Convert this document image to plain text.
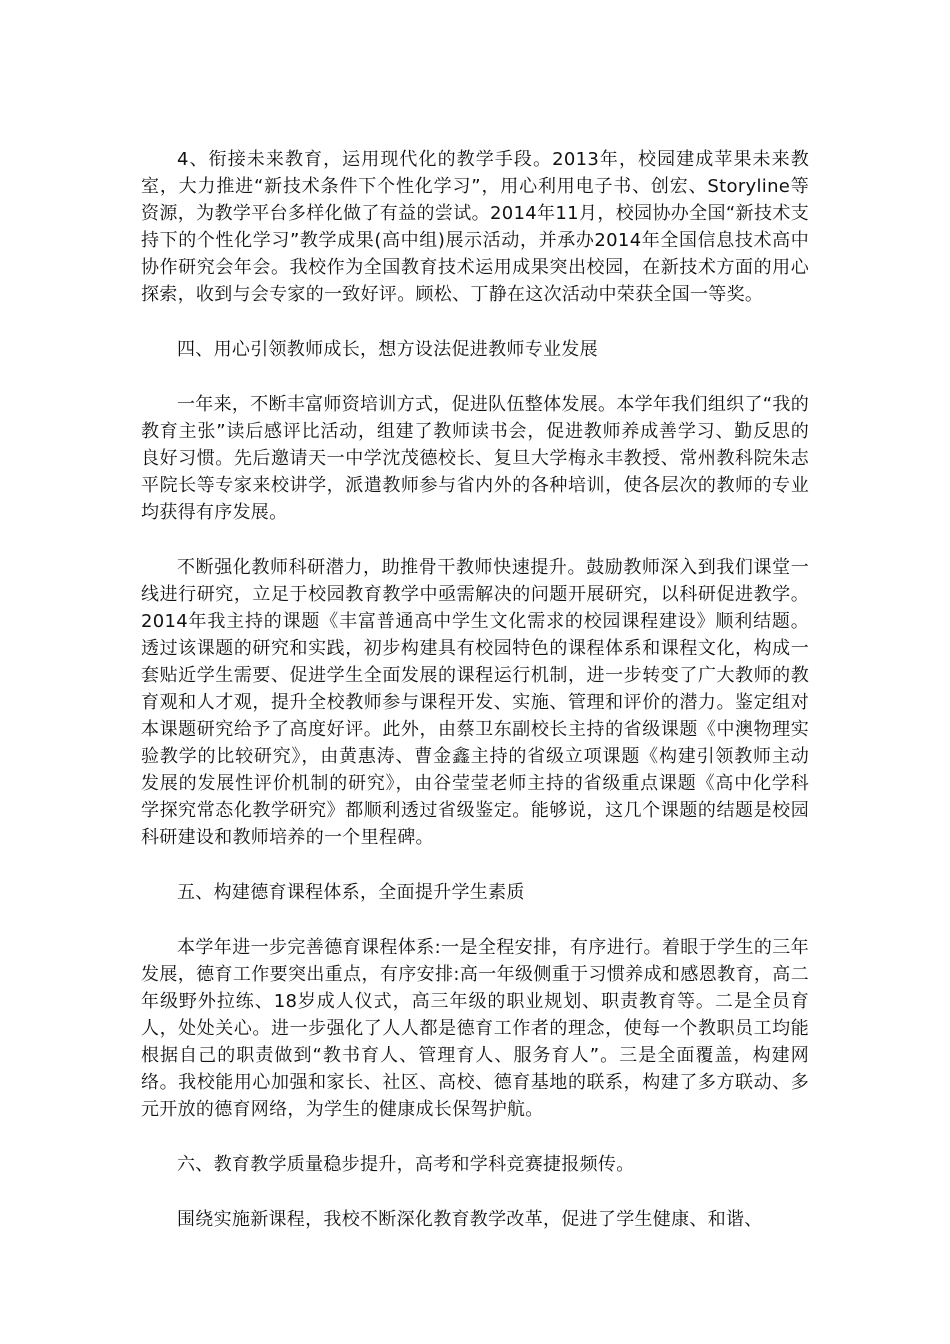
4、衔接未来教育，运用现代化的教学手段。2013年，校园建成苹果未来教室，大力推进“新技术条件下个性化学习”，用心利用电子书、创宏、Storyline等资源，为教学平台多样化做了有益的尝试。2014年11月，校园协办全国“新技术支持下的个性化学习”教学成果(高中组)展示活动，并承办2014年全国信息技术高中协作研究会年会。我校作为全国教育技术运用成果突出校园，在新技术方面的用心探索，收到与会专家的一致好评。顾松、丁静在这次活动中荣获全国一等奖。

四、用心引领教师成长，想方设法促进教师专业发展

一年来，不断丰富师资培训方式，促进队伍整体发展。本学年我们组织了“我的教育主张”读后感评比活动，组建了教师读书会，促进教师养成善学习、勤反思的良好习惯。先后邀请天一中学沈茂德校长、复旦大学梅永丰教授、常州教科院朱志平院长等专家来校讲学，派遣教师参与省内外的各种培训，使各层次的教师的专业均获得有序发展。

不断强化教师科研潜力，助推骨干教师快速提升。鼓励教师深入到我们课堂一线进行研究，立足于校园教育教学中亟需解决的问题开展研究，以科研促进教学。2014年我主持的课题《丰富普通高中学生文化需求的校园课程建设》顺利结题。透过该课题的研究和实践，初步构建具有校园特色的课程体系和课程文化，构成一套贴近学生需要、促进学生全面发展的课程运行机制，进一步转变了广大教师的教育观和人才观，提升全校教师参与课程开发、实施、管理和评价的潜力。鉴定组对本课题研究给予了高度好评。此外，由蔡卫东副校长主持的省级课题《中澳物理实验教学的比较研究》，由黄惠涛、曹金鑫主持的省级立项课题《构建引领教师主动发展的发展性评价机制的研究》，由谷莹莹老师主持的省级重点课题《高中化学科学探究常态化教学研究》都顺利透过省级鉴定。能够说，这几个课题的结题是校园科研建设和教师培养的一个里程碑。

五、构建德育课程体系，全面提升学生素质

本学年进一步完善德育课程体系:一是全程安排，有序进行。着眼于学生的三年发展，德育工作要突出重点，有序安排:高一年级侧重于习惯养成和感恩教育，高二年级野外拉练、18岁成人仪式，高三年级的职业规划、职责教育等。二是全员育人，处处关心。进一步强化了人人都是德育工作者的理念，使每一个教职员工均能根据自己的职责做到“教书育人、管理育人、服务育人”。三是全面覆盖，构建网络。我校能用心加强和家长、社区、高校、德育基地的联系，构建了多方联动、多元开放的德育网络，为学生的健康成长保驾护航。

六、教育教学质量稳步提升，高考和学科竞赛捷报频传。

围绕实施新课程，我校不断深化教育教学改革，促进了学生健康、和谐、
